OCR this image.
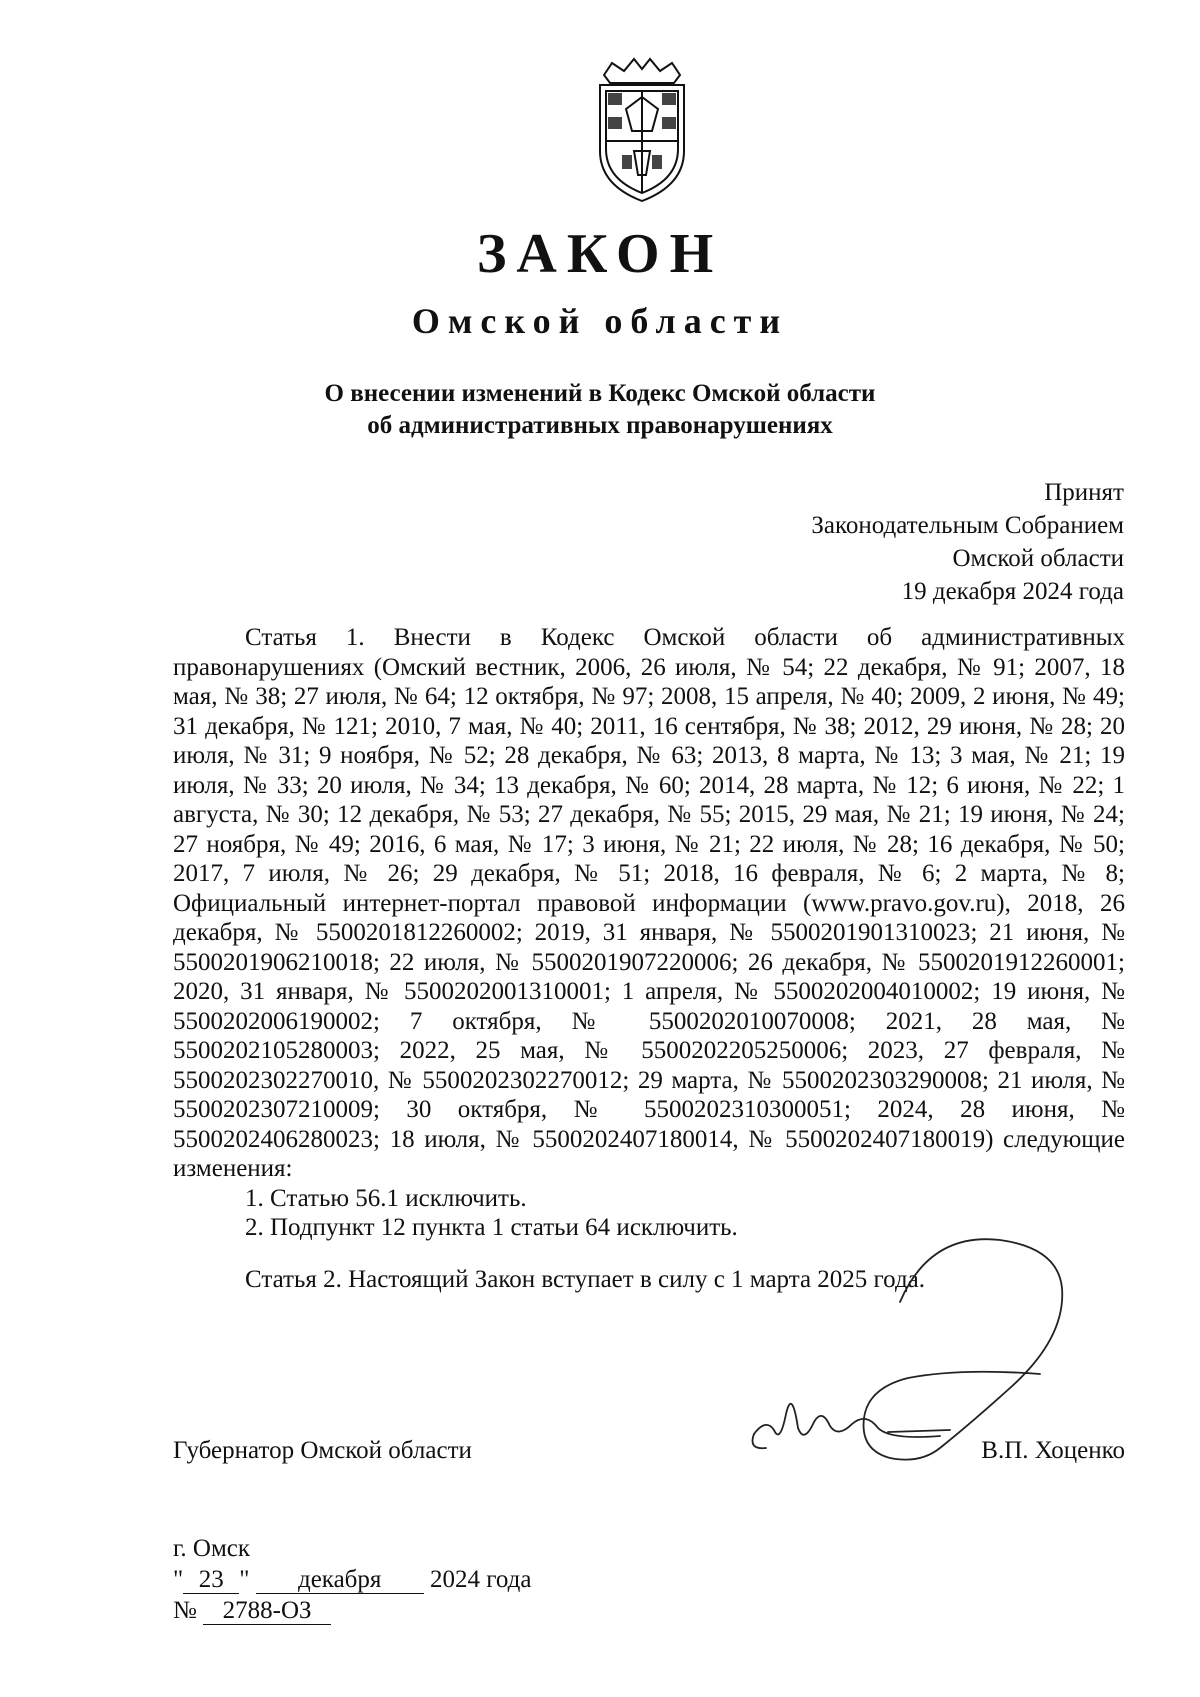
ЗАКОН
Омской области
О внесении изменений в Кодекс Омской области
об административных правонарушениях
Принят
Законодательным Собранием
Омской области
19 декабря 2024 года

Статья 1. Внести в Кодекс Омской области об административных правонарушениях (Омский вестник, 2006, 26 июля, № 54; 22 декабря, № 91; 2007, 18 мая, № 38; 27 июля, № 64; 12 октября, № 97; 2008, 15 апреля, № 40; 2009, 2 июня, № 49; 31 декабря, № 121; 2010, 7 мая, № 40; 2011, 16 сентября, № 38; 2012, 29 июня, № 28; 20 июля, № 31; 9 ноября, № 52; 28 декабря, № 63; 2013, 8 марта, № 13; 3 мая, № 21; 19 июля, № 33; 20 июля, № 34; 13 декабря, № 60; 2014, 28 марта, № 12; 6 июня, № 22; 1 августа, № 30; 12 декабря, № 53; 27 декабря, № 55; 2015, 29 мая, № 21; 19 июня, № 24; 27 ноября, № 49; 2016, 6 мая, № 17; 3 июня, № 21; 22 июля, № 28; 16 декабря, № 50; 2017, 7 июля, № 26; 29 декабря, № 51; 2018, 16 февраля, № 6; 2 марта, № 8; Официальный интернет-портал правовой информации (www.pravo.gov.ru), 2018, 26 декабря, № 5500201812260002; 2019, 31 января, № 5500201901310023; 21 июня, № 5500201906210018; 22 июля, № 5500201907220006; 26 декабря, № 5500201912260001; 2020, 31 января, № 5500202001310001; 1 апреля, № 5500202004010002; 19 июня, № 5500202006190002; 7 октября, № 5500202010070008; 2021, 28 мая, № 5500202105280003; 2022, 25 мая, № 5500202205250006; 2023, 27 февраля, № 5500202302270010, № 5500202302270012; 29 марта, № 5500202303290008; 21 июля, № 5500202307210009; 30 октября, № 5500202310300051; 2024, 28 июня, № 5500202406280023; 18 июля, № 5500202407180014, № 5500202407180019) следующие изменения:

1. Статью 56.1 исключить.

2. Подпункт 12 пункта 1 статьи 64 исключить.

Статья 2. Настоящий Закон вступает в силу с 1 марта 2025 года.

Губернатор Омской области	В.П. Хоценко
г. Омск
" 23 " декабря 2024 года
№ 2788-ОЗ
